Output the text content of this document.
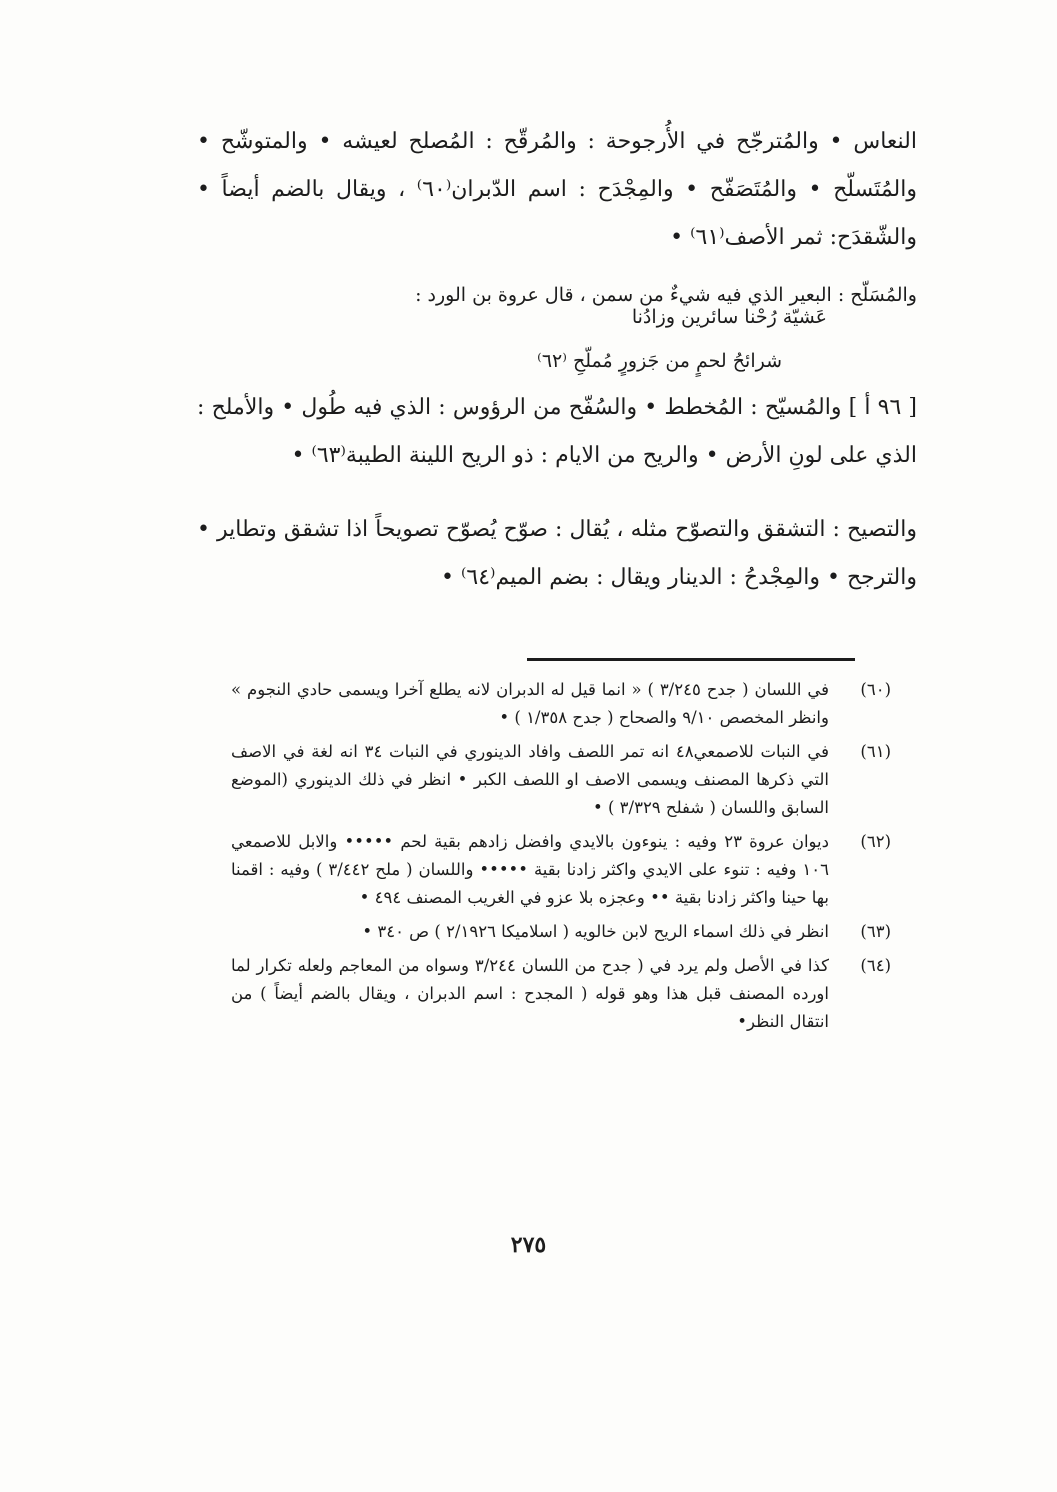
النعاس • والمُترجّح في الأُرجوحة : والمُرقّح : المُصلح لعيشه • والمتوشّح • والمُتَسلّح • والمُتَصَفّح • والمِجْدَح : اسم الدّبران⁽٦٠⁾ ، ويقال بالضم أيضاً • والشّقدَح: ثمر الأصف⁽٦١⁾ •

والمُسَلّح : البعير الذي فيه شيءٌ من سمن ، قال عروة بن الورد :

عَشيّة رُحْنا سائرين وزادُنا
شرائحُ لحمٍ من جَزورٍ مُملّحِ ⁽٦٢⁾

[ ٩٦ أ ] والمُسيّح : المُخطط • والسُفّح من الرؤوس : الذي فيه طُول • والأملح : الذي على لونِ الأرض • والريح من الايام : ذو الريح اللينة الطيبة⁽٦٣⁾ •

والتصيح : التشقق والتصوّح مثله ، يُقال : صوّح يُصوّح تصويحاً اذا تشقق وتطاير • والترجح • والمِجْدحُ : الدينار ويقال : بضم الميم⁽٦٤⁾ •

(٦٠)
في اللسان ( جدح ٣/٢٤٥ ) « انما قيل له الدبران لانه يطلع آخرا ويسمى حادي النجوم » وانظر المخصص ٩/١٠ والصحاح ( جدح ١/٣٥٨ ) •
(٦١)
في النبات للاصمعي٤٨ انه تمر اللصف وافاد الدينوري في النبات ٣٤ انه لغة في الاصف التي ذكرها المصنف ويسمى الاصف او اللصف الكبر • انظر في ذلك الدينوري (الموضع السابق واللسان ( شفلح ٣/٣٢٩ ) •
(٦٢)
ديوان عروة ٢٣ وفيه : ينوءون بالايدي وافضل زادهم بقية لحم ••••• والابل للاصمعي ١٠٦ وفيه : تنوء على الايدي واكثر زادنا بقية ••••• واللسان ( ملح ٣/٤٤٢ ) وفيه : اقمنا بها حينا واكثر زادنا بقية •• وعجزه بلا عزو في الغريب المصنف ٤٩٤ •
(٦٣)
انظر في ذلك اسماء الريح لابن خالويه ( اسلاميكا ٢/١٩٢٦ ) ص ٣٤٠ •
(٦٤)
كذا في الأصل ولم يرد في ( جدح من اللسان ٣/٢٤٤ وسواه من المعاجم ولعله تكرار لما اورده المصنف قبل هذا وهو قوله ( المجدح : اسم الدبران ، ويقال بالضم أيضاً ) من انتقال النظر•
٢٧٥
